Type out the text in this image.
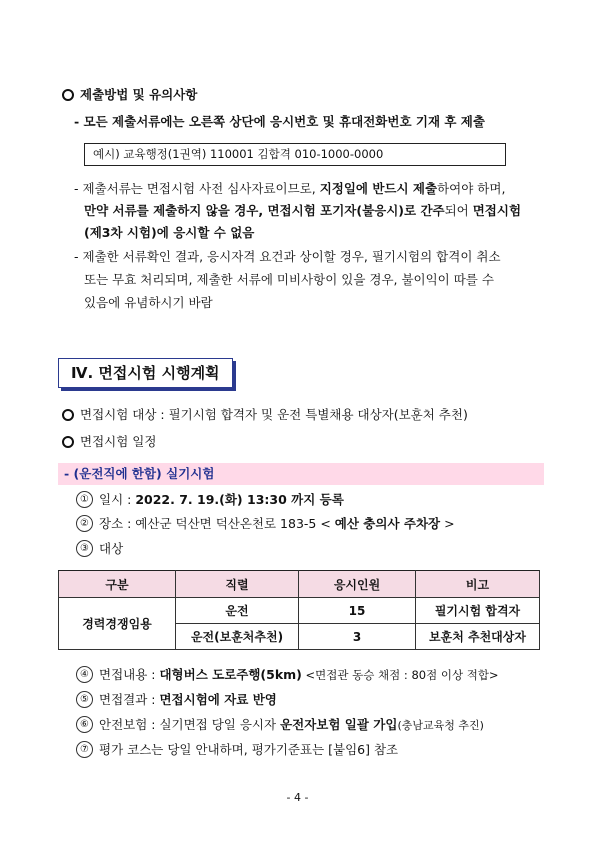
제출방법 및 유의사항
- 모든 제출서류에는 오른쪽 상단에 응시번호 및 휴대전화번호 기재 후 제출
예시) 교육행정(1권역) 110001 김합격 010-1000-0000
- 제출서류는 면접시험 사전 심사자료이므로, 지정일에 반드시 제출하여야 하며,
만약 서류를 제출하지 않을 경우, 면접시험 포기자(불응시)로 간주되어 면접시험
(제3차 시험)에 응시할 수 없음
- 제출한 서류확인 결과, 응시자격 요건과 상이할 경우, 필기시험의 합격이 취소
또는 무효 처리되며, 제출한 서류에 미비사항이 있을 경우, 불이익이 따를 수
있음에 유념하시기 바람
Ⅳ. 면접시험 시행계획
면접시험 대상 : 필기시험 합격자 및 운전 특별채용 대상자(보훈처 추천)
면접시험 일정
- (운전직에 한함) 실기시험
① 일시 : 2022. 7. 19.(화) 13:30 까지 등록
② 장소 : 예산군 덕산면 덕산온천로 183-5 < 예산 충의사 주차장 >
③ 대상
구분	직렬	응시인원	비고
경력경쟁임용	운전	15	필기시험 합격자
	운전(보훈처추천)	3	보훈처 추천대상자
④ 면접내용 : 대형버스 도로주행(5km) <면접관 동승 채점 : 80점 이상 적합>
⑤ 면접결과 : 면접시험에 자료 반영
⑥ 안전보험 : 실기면접 당일 응시자 운전자보험 일괄 가입(충남교육청 추진)
⑦ 평가 코스는 당일 안내하며, 평가기준표는 [붙임6] 참조
- 4 -
